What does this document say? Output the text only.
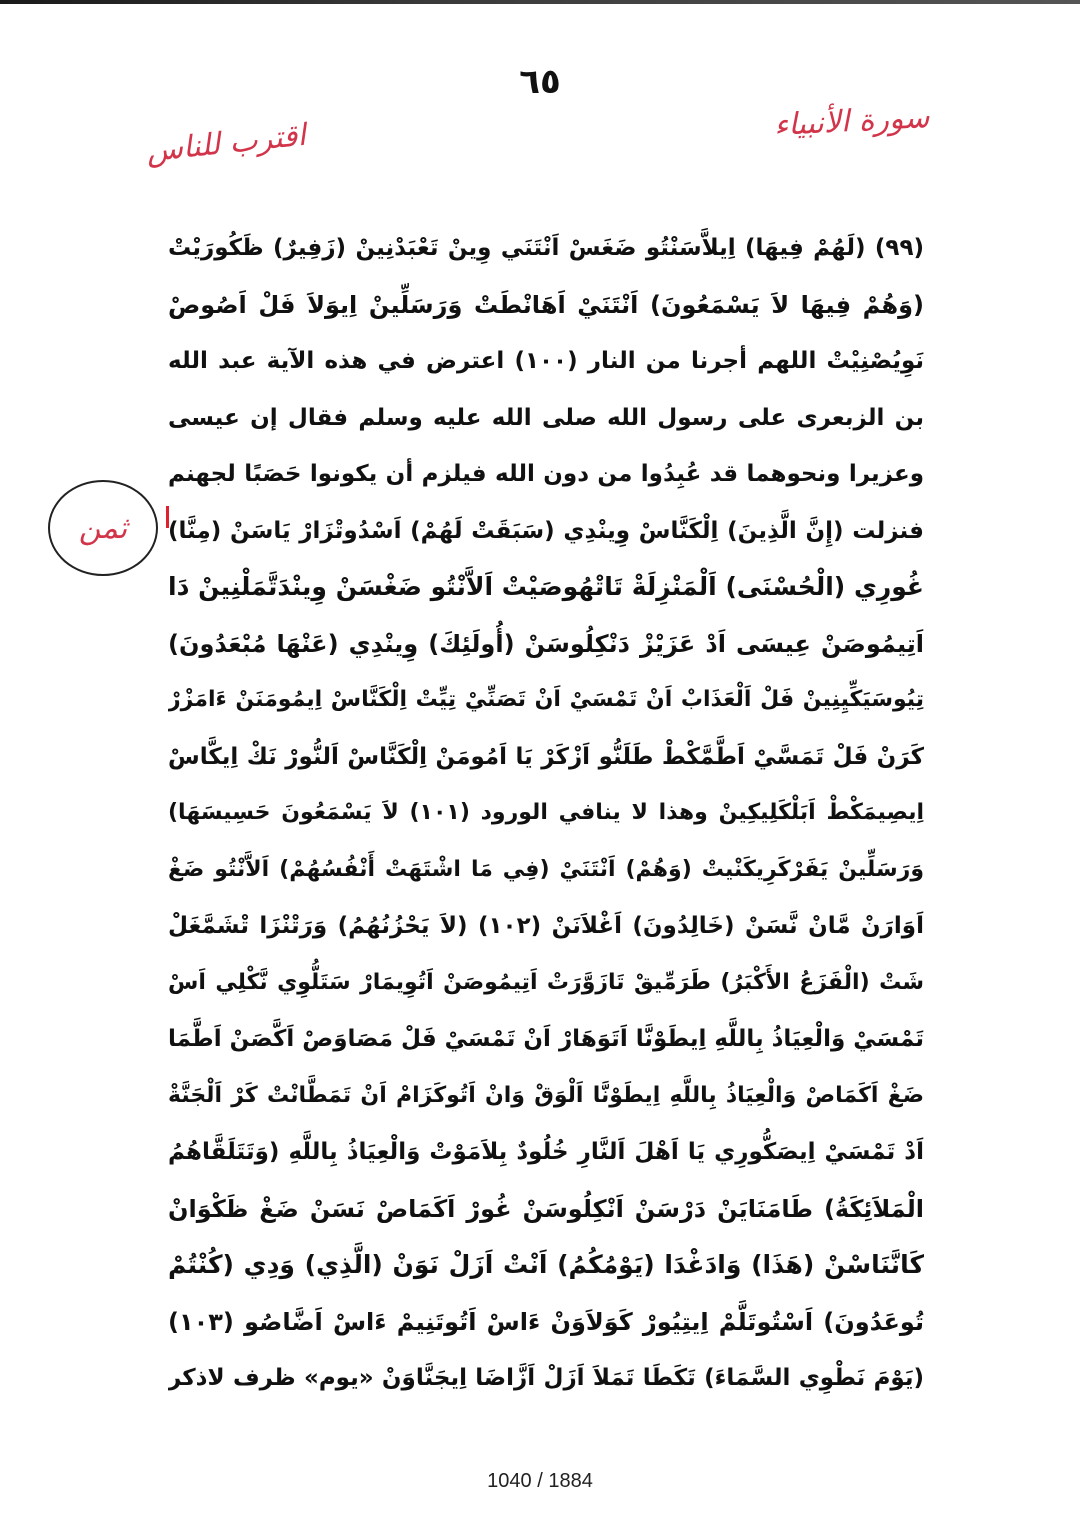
٦٥
سورة الأنبياء
اقترب للناس
ثمن
(٩٩) (لَهُمْ فِيهَا) اِيلاَّسَنْتُو ضَغَسْ اَنْتَنَي وِينْ تَعْبَدْنِينْ (زَفِيرٌ) ظَكُورَيْتْ
(وَهُمْ فِيهَا لاَ يَسْمَعُونَ) اَنْتَنَيْ اَهَانْطَتْ وَرَسَلِّينْ اِيوَلاَ فَلْ اَصُوصْ
نَوِيُصْنِيْتْ اللهم أجرنا من النار (١٠٠) اعترض في هذه الآية عبد الله
بن الزبعرى على رسول الله صلى الله عليه وسلم فقال إن عيسى
وعزيرا ونحوهما قد عُبِدُوا من دون الله فيلزم أن يكونوا حَصَبًا لجهنم
فنزلت (إِنَّ الَّذِينَ) اِلْكَنَّاسْ وِينْدِي (سَبَقَتْ لَهُمْ) اَسْدُوتْزَارْ يَاسَنْ (مِنَّا)
غُورِي (الْحُسْنَى) اَلْمَنْزِلَةْ تَاتْهُوصَيْتْ اَلاَّنْتُو ضَغْسَنْ وِينْدَتَّمَلْنِينْ دَا
اَتِيمُوصَنْ عِيسَى اَدْ عَزَيْزْ دَنْكِلُوسَنْ (أُولَئِكَ) وِينْدِي (عَنْهَا مُبْعَدُونَ)
تِيُوسَيَكِّيِنِينْ فَلْ اَلْعَذَابْ اَنْ تَمْسَيْ اَنْ تَصَنِّيْ تِيِّتْ اِلْكَنَّاسْ اِيمُومَنَنْ ءَامَزْرْ
كَرَنْ فَلْ تَمَسَّيْ اَطَّمَّكْطْ طَلَنُّو اَزْكَرْ يَا اَمُومَنْ اِلْكَنَّاسْ اَلنُّورْ نَكْ اِيكَّاسْ
اِيصِيمَكْطْ اَبَلْكَلِيكِينْ وهذا لا ينافي الورود (١٠١) لاَ يَسْمَعُونَ حَسِيسَهَا)
وَرَسَلِّينْ يَفَرْكَرِيكَنْيتْ (وَهُمْ) اَنْتَنَيْ (فِي مَا اشْتَهَتْ أَنْفُسُهُمْ) اَلاَّنْتُو ضَغْ
اَوَارَنْ مَّانْ نَّسَنْ (خَالِدُونَ) اَغْلاَنَنْ (١٠٢) (لاَ يَحْزُنُهُمُ) وَرَتْنْزَا تْشَمَّغَلْ
شَتْ (الْفَزَعُ الأَكْبَرُ) طَرَمِّيقْ تَازَوَّرَتْ اَتِيمُوصَنْ اَتُوِيمَارْ سَتَلُّوِي نَّكْلِي اَسْ
تَمْسَيْ وَالْعِيَاذُ بِاللَّهِ اِيطَوْنَّا اَتَوَهَارْ اَنْ تَمْسَيْ فَلْ مَصَاوَصْ اَكَّصَنْ اَطَّمَا
ضَغْ اَكَمَاصْ وَالْعِيَاذُ بِاللَّهِ اِيطَوْنَّا اَلْوَقْ وَانْ اَتُوكَزَامْ اَنْ تَمَطَّانْتْ كَرْ اَلْجَنَّةْ
اَدْ تَمْسَيْ اِيصَكُّورِي يَا اَهْلَ اَلنَّارِ خُلُودٌ بِلاَمَوْتْ وَالْعِيَاذُ بِاللَّهِ (وَتَتَلَقَّاهُمُ
الْمَلاَئِكَةُ) طَامَنَايَنْ دَرْسَنْ اَنْكِلُوسَنْ غُورْ اَكَمَاصْ نَسَنْ ضَغْ ظَكْوَانْ
كَانَّنَاسْنْ (هَذَا) وَادَغْدَا (يَوْمُكُمُ) اَنْتْ اَزَلْ نَوَنْ (الَّذِي) وَدِي (كُنْتُمْ
تُوعَدُونَ) اَسْتُوتَلَّمْ اِيتِيُورْ كَوَلاَوَنْ ءَاسْ اَتُوتَنِيمْ ءَاسْ اَضَّاصُو (١٠٣)
(يَوْمَ نَطْوِي السَّمَاءَ) تَكَطَا تَمَلاَ اَزَلْ اَزَّاضَا اِيجَنَّاوَنْ «يوم» ظرف لاذكر
1040 / 1884
